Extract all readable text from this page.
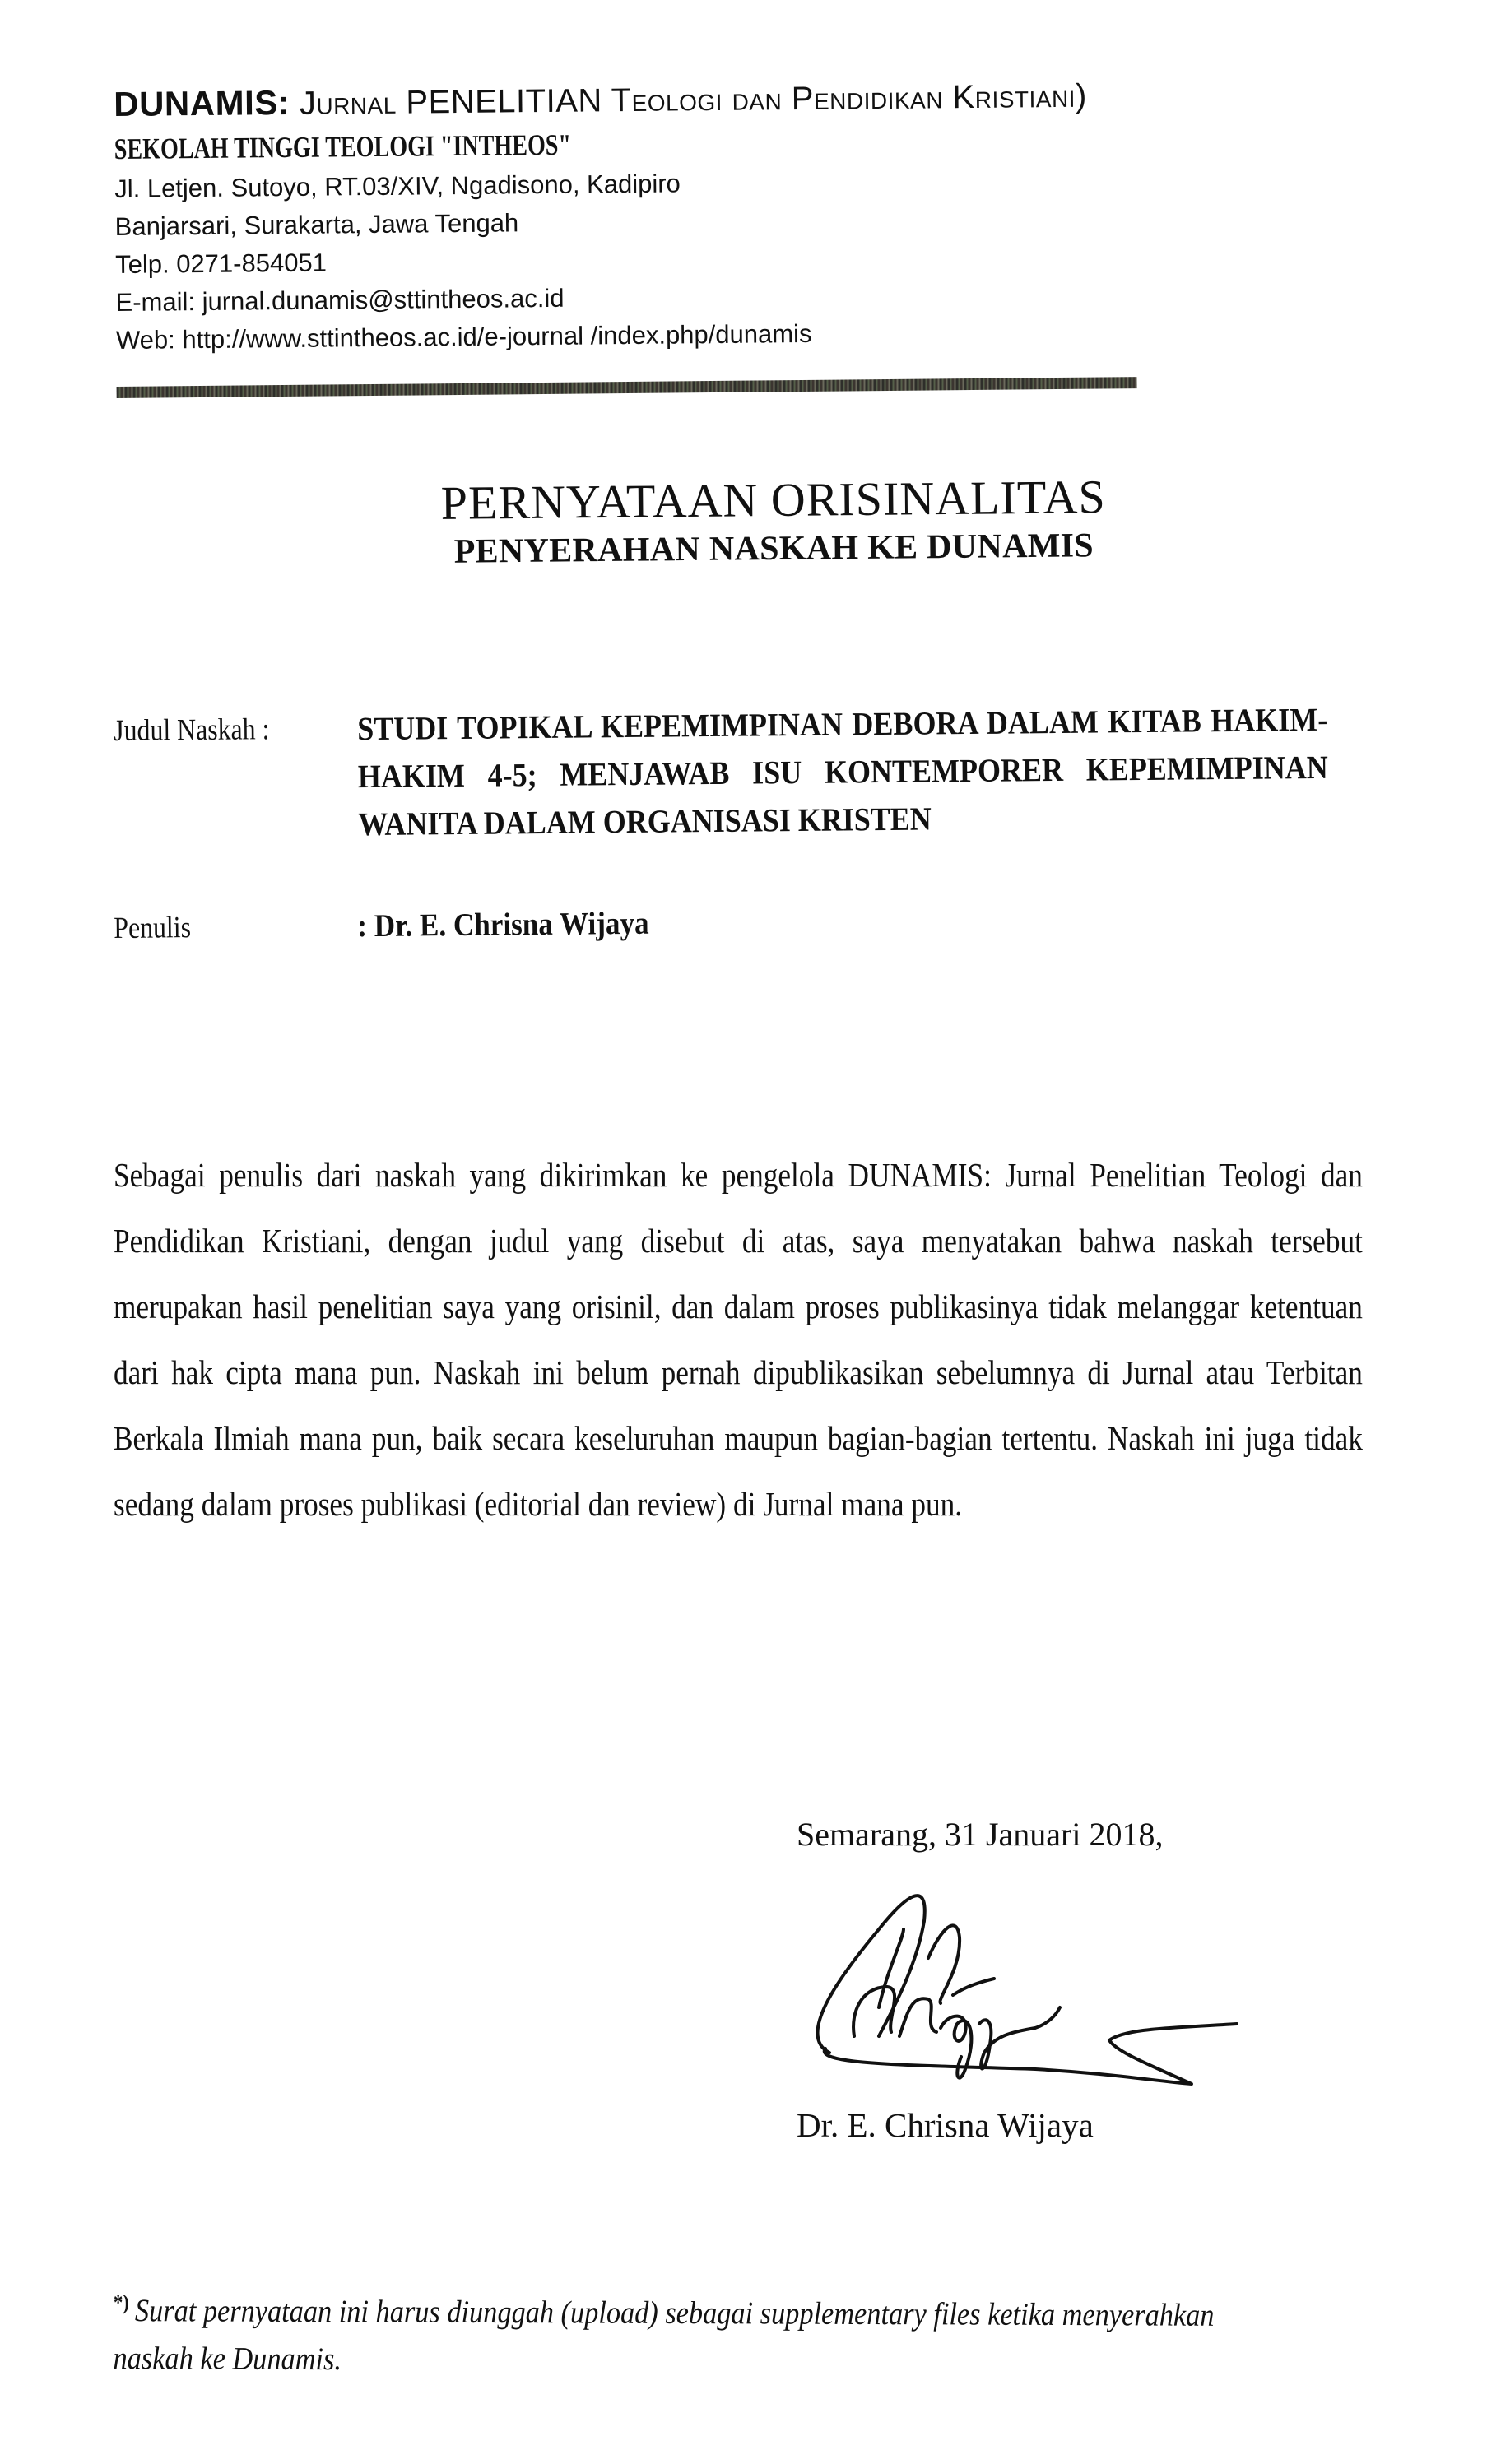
DUNAMIS: Jurnal PENELITIAN Teologi dan Pendidikan Kristiani)
SEKOLAH TINGGI TEOLOGI "INTHEOS"
Jl. Letjen. Sutoyo, RT.03/XIV, Ngadisono, Kadipiro
Banjarsari, Surakarta, Jawa Tengah
Telp. 0271-854051
E-mail: jurnal.dunamis@sttintheos.ac.id
Web: http://www.sttintheos.ac.id/e-journal /index.php/dunamis
PERNYATAAN ORISINALITAS
PENYERAHAN NASKAH KE DUNAMIS
Judul Naskah :	STUDI TOPIKAL KEPEMIMPINAN DEBORA DALAM KITAB HAKIM-HAKIM 4-5; MENJAWAB ISU KONTEMPORER KEPEMIMPINAN WANITA DALAM ORGANISASI KRISTEN
Penulis	: Dr. E. Chrisna Wijaya
Sebagai penulis dari naskah yang dikirimkan ke pengelola DUNAMIS: Jurnal Penelitian Teologi dan Pendidikan Kristiani, dengan judul yang disebut di atas, saya menyatakan bahwa naskah tersebut merupakan hasil penelitian saya yang orisinil, dan dalam proses publikasinya tidak melanggar ketentuan dari hak cipta mana pun. Naskah ini belum pernah dipublikasikan sebelumnya di Jurnal atau Terbitan Berkala Ilmiah mana pun, baik secara keseluruhan maupun bagian-bagian tertentu. Naskah ini juga tidak sedang dalam proses publikasi (editorial dan review) di Jurnal mana pun.
Semarang, 31 Januari 2018,
Dr. E. Chrisna Wijaya
*) Surat pernyataan ini harus diunggah (upload) sebagai supplementary files ketika menyerahkan naskah ke Dunamis.
